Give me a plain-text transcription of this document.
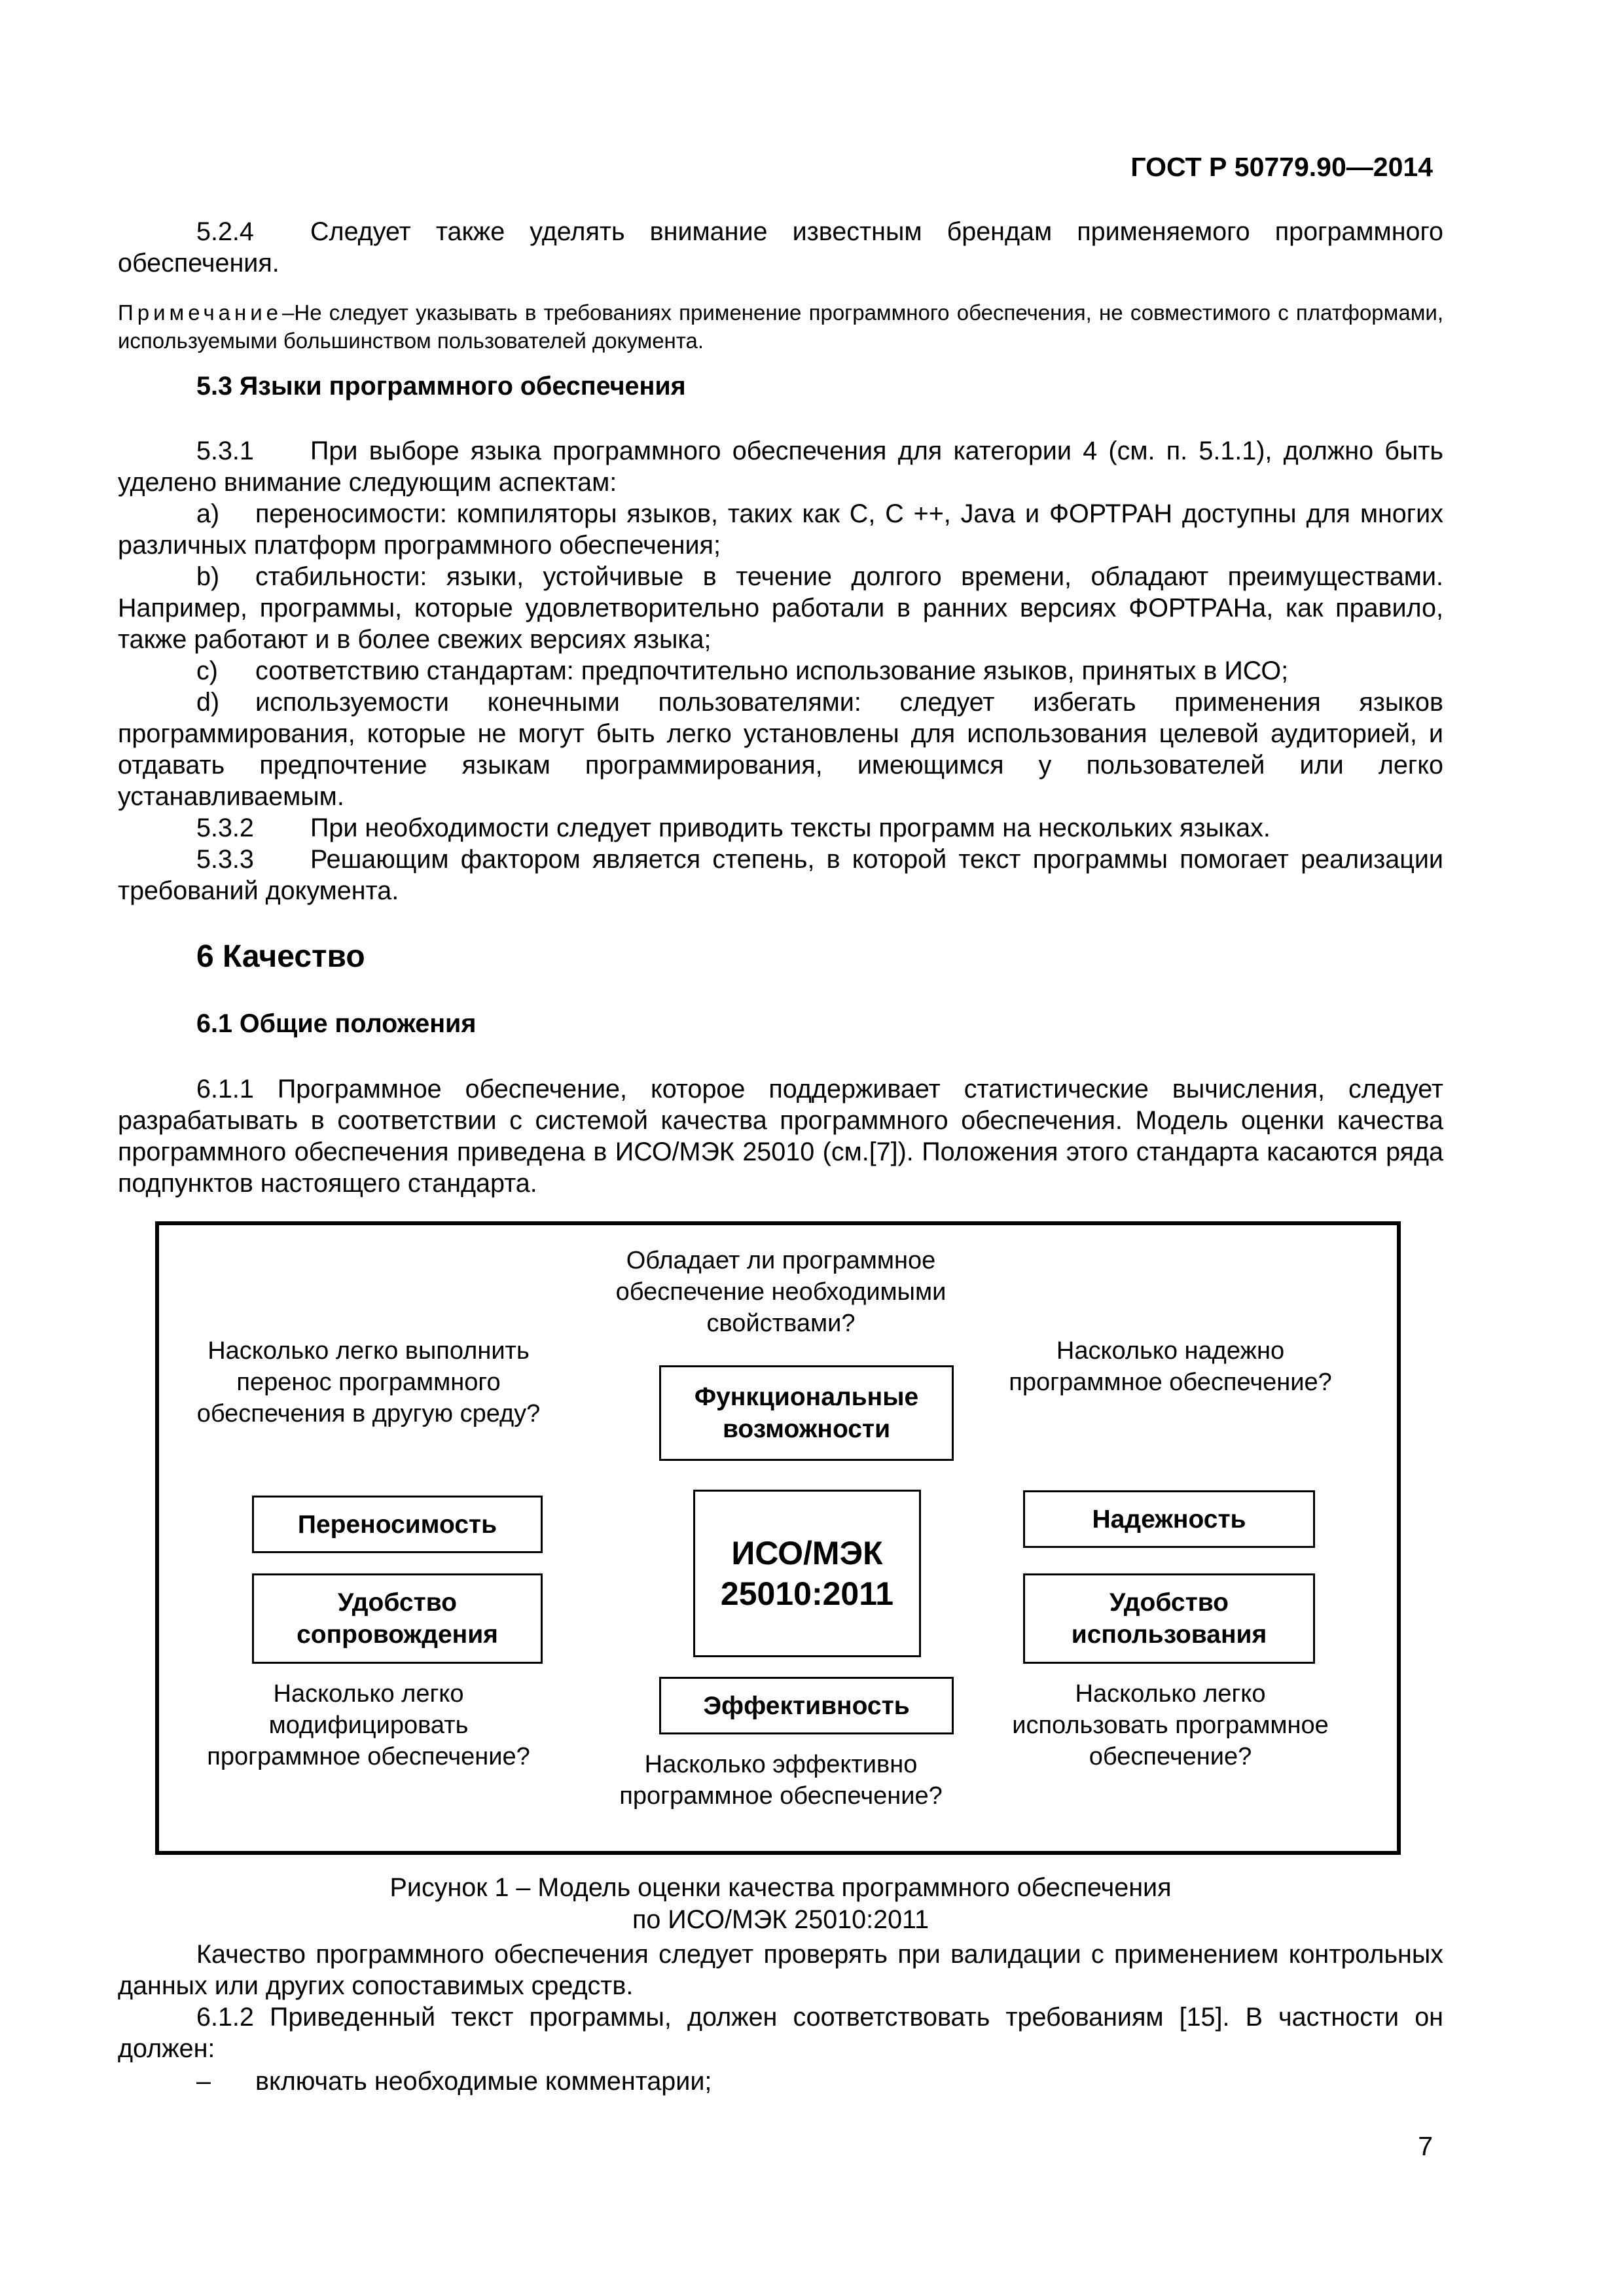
ГОСТ Р 50779.90—2014

5.2.4 Следует также уделять внимание известным брендам применяемого программного обеспечения.

Примечание–Не следует указывать в требованиях применение программного обеспечения, не совместимого с платформами, используемыми большинством пользователей документа.

5.3 Языки программного обеспечения

5.3.1 При выборе языка программного обеспечения для категории 4 (см. п. 5.1.1), должно быть уделено внимание следующим аспектам:

a) переносимости: компиляторы языков, таких как C, C ++, Java и ФОРТРАН доступны для многих различных платформ программного обеспечения;

b) стабильности: языки, устойчивые в течение долгого времени, обладают преимуществами. Например, программы, которые удовлетворительно работали в ранних версиях ФОРТРАНа, как правило, также работают и в более свежих версиях языка;

c) соответствию стандартам: предпочтительно использование языков, принятых в ИСО;

d) используемости конечными пользователями: следует избегать применения языков программирования, которые не могут быть легко установлены для использования целевой аудиторией, и отдавать предпочтение языкам программирования, имеющимся у пользователей или легко устанавливаемым.

5.3.2 При необходимости следует приводить тексты программ на нескольких языках.

5.3.3 Решающим фактором является степень, в которой текст программы помогает реализации требований документа.

6 Качество
6.1 Общие положения

6.1.1 Программное обеспечение, которое поддерживает статистические вычисления, следует разрабатывать в соответствии с системой качества программного обеспечения. Модель оценки качества программного обеспечения приведена в ИСО/МЭК 25010 (см.[7]). Положения этого стандарта касаются ряда подпунктов настоящего стандарта.

Обладает ли программное
обеспечение необходимыми
свойствами?
Насколько легко выполнить
перенос программного
обеспечения в другую среду?
Насколько надежно
программное обеспечение?
Насколько легко
модифицировать
программное обеспечение?	Насколько эффективно
программное обеспечение?
Насколько легко
использовать программное
обеспечение?
Функциональные
возможности
Переносимость
ИСО/МЭК
25010:2011
Надежность
Удобство
сопровождения
Удобство
использования
Эффективность
Рисунок 1 – Модель оценки качества программного обеспечения
по ИСО/МЭК 25010:2011

Качество программного обеспечения следует проверять при валидации с применением контрольных данных или других сопоставимых средств.

6.1.2 Приведенный текст программы, должен соответствовать требованиям [15]. В частности он должен:

– включать необходимые комментарии;
7
